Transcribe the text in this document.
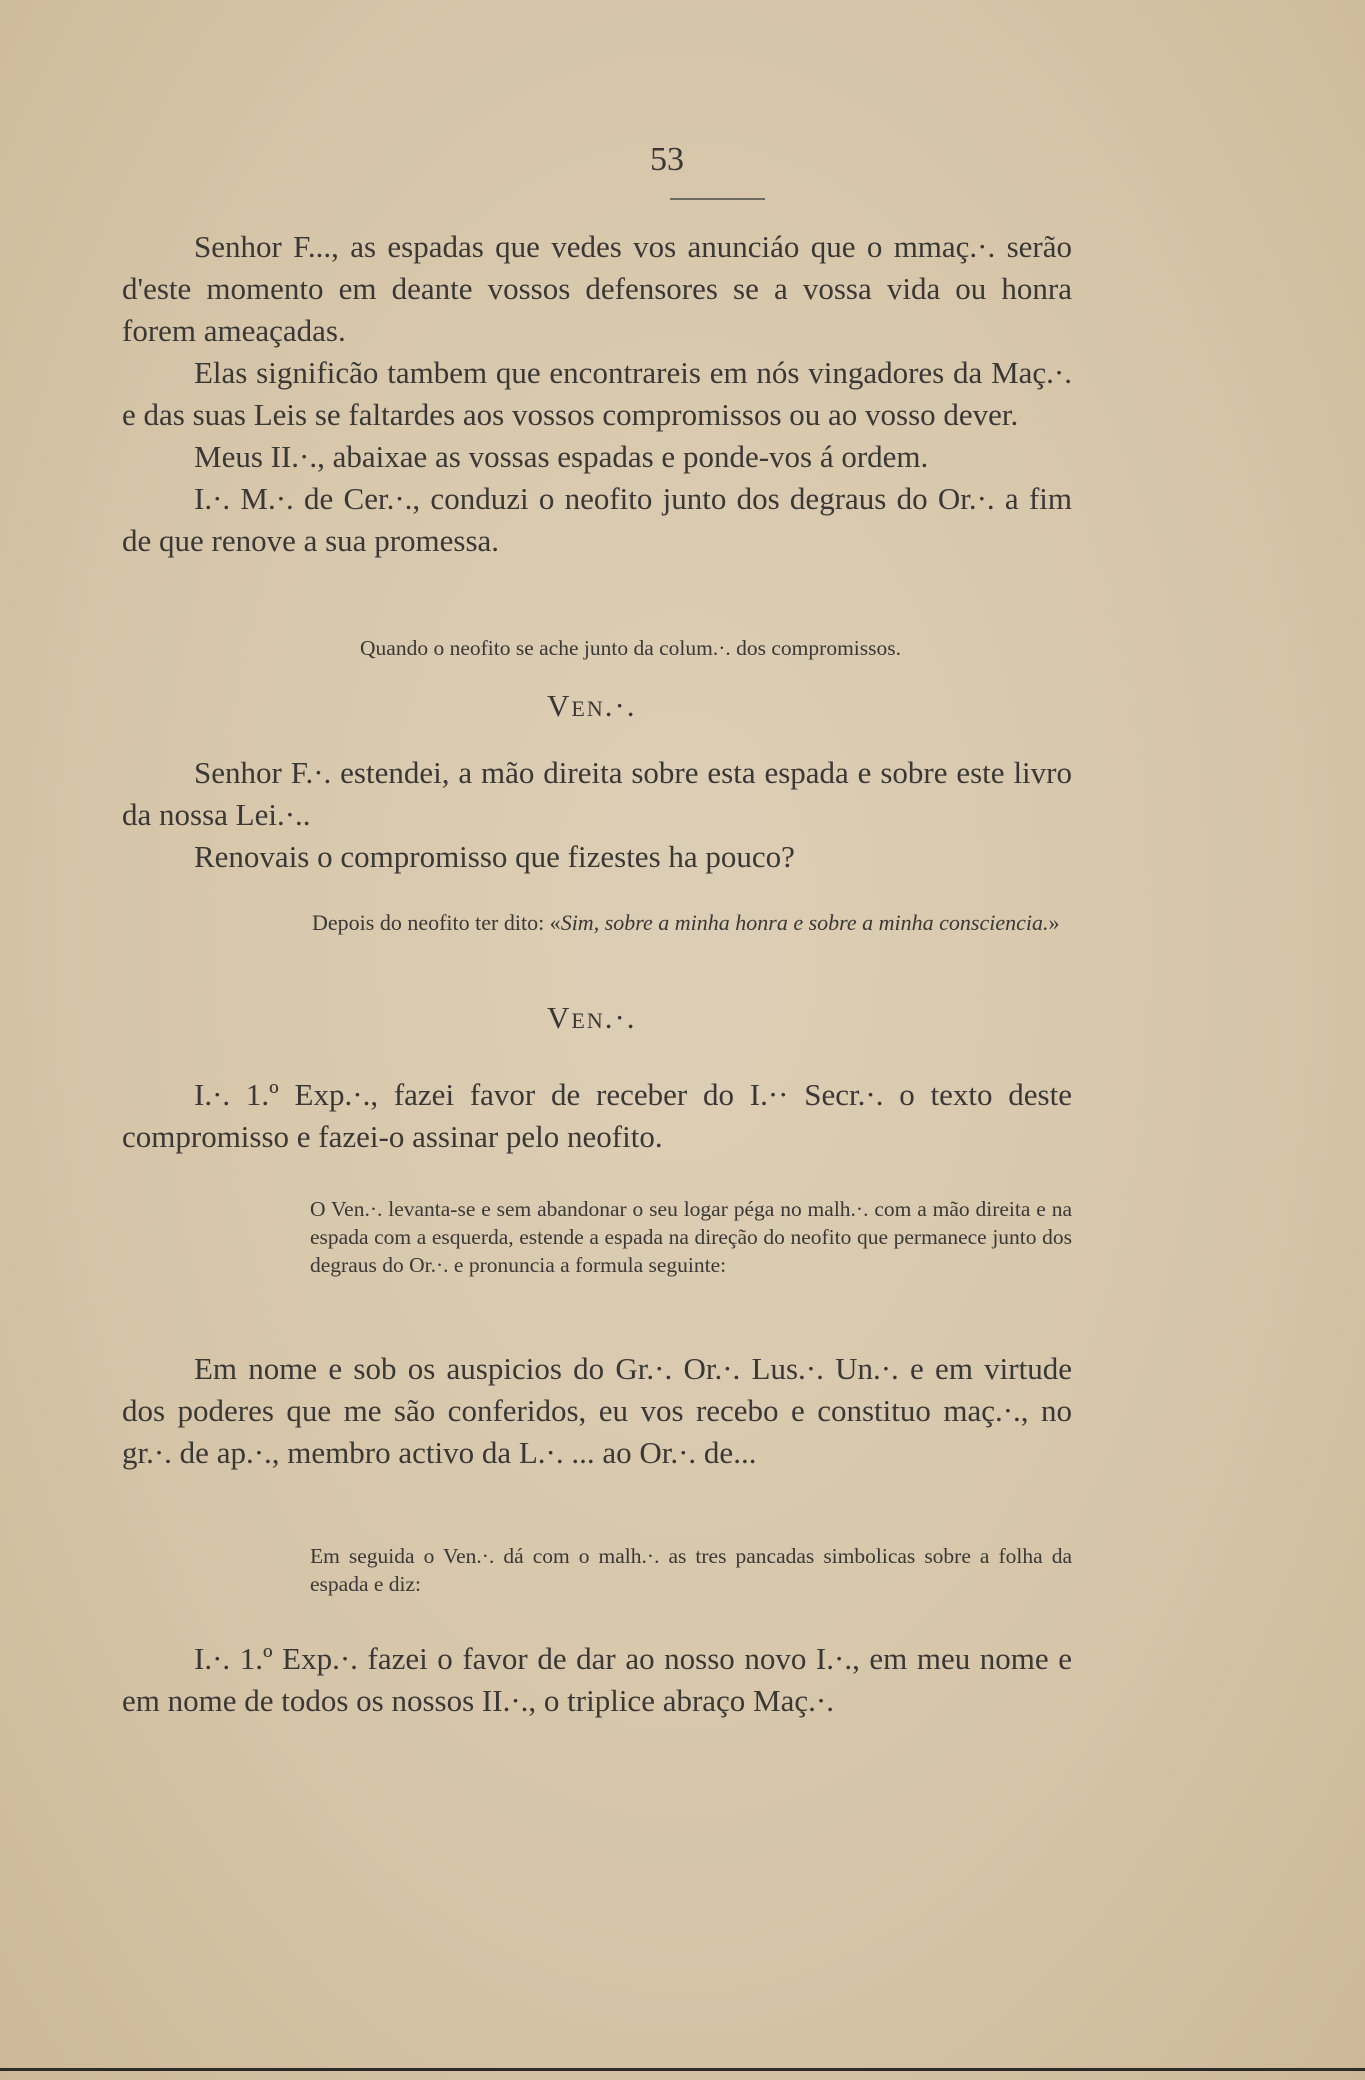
53

Senhor F..., as espadas que vedes vos anunciáo que o mmaç.·. serão d'este momento em deante vossos defensores se a vossa vida ou honra forem ameaçadas.

Elas significão tambem que encontrareis em nós vingadores da Maç.·. e das suas Leis se faltardes aos vossos compromissos ou ao vosso dever.

Meus II.·., abaixae as vossas espadas e ponde-vos á ordem.

I.·. M.·. de Cer.·., conduzi o neofito junto dos degraus do Or.·. a fim de que renove a sua promessa.

Quando o neofito se ache junto da colum.·. dos compromissos.

Ven.·.

Senhor F.·. estendei, a mão direita sobre esta espada e sobre este livro da nossa Lei.·..

Renovais o compromisso que fizestes ha pouco?

Depois do neofito ter dito: «Sim, sobre a minha honra e sobre a minha consciencia.»

Ven.·.

I.·. 1.º Exp.·., fazei favor de receber do I.·· Secr.·. o texto deste compromisso e fazei-o assinar pelo neofito.

O Ven.·. levanta-se e sem abandonar o seu logar péga no malh.·. com a mão direita e na espada com a esquerda, estende a espada na direção do neofito que permanece junto dos degraus do Or.·. e pronuncia a formula seguinte:

Em nome e sob os auspicios do Gr.·. Or.·. Lus.·. Un.·. e em virtude dos poderes que me são conferidos, eu vos recebo e constituo maç.·., no gr.·. de ap.·., membro activo da L.·. ... ao Or.·. de...

Em seguida o Ven.·. dá com o malh.·. as tres pancadas simbolicas sobre a folha da espada e diz:

I.·. 1.º Exp.·. fazei o favor de dar ao nosso novo I.·., em meu nome e em nome de todos os nossos II.·., o triplice abraço Maç.·.
